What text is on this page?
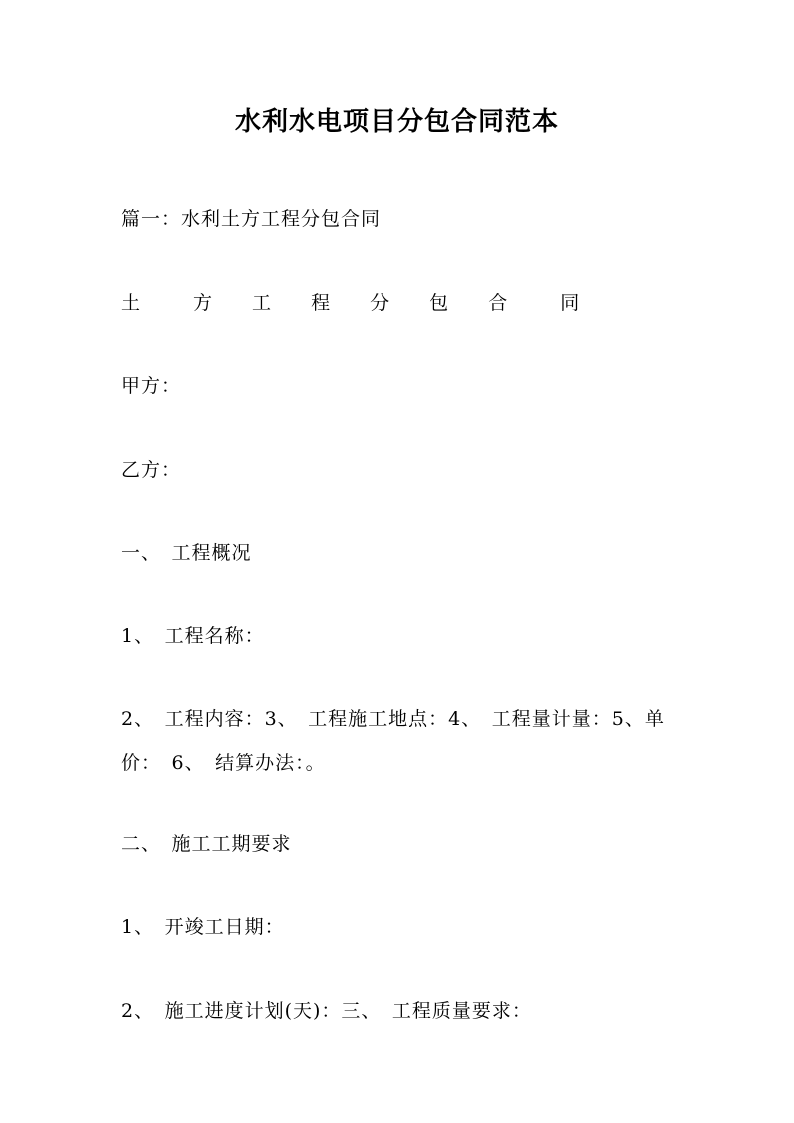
水利水电项目分包合同范本

篇一：水利土方工程分包合同

土　方 工 程 分 包 合　同

甲方：

乙方：

一、　工程概况

1、　工程名称：

2、　工程内容：3、　工程施工地点：4、　工程量计量：5、单价：　6、　结算办法：。

二、　施工工期要求

1、　开竣工日期：

2、　施工进度计划(天)：三、　工程质量要求：
